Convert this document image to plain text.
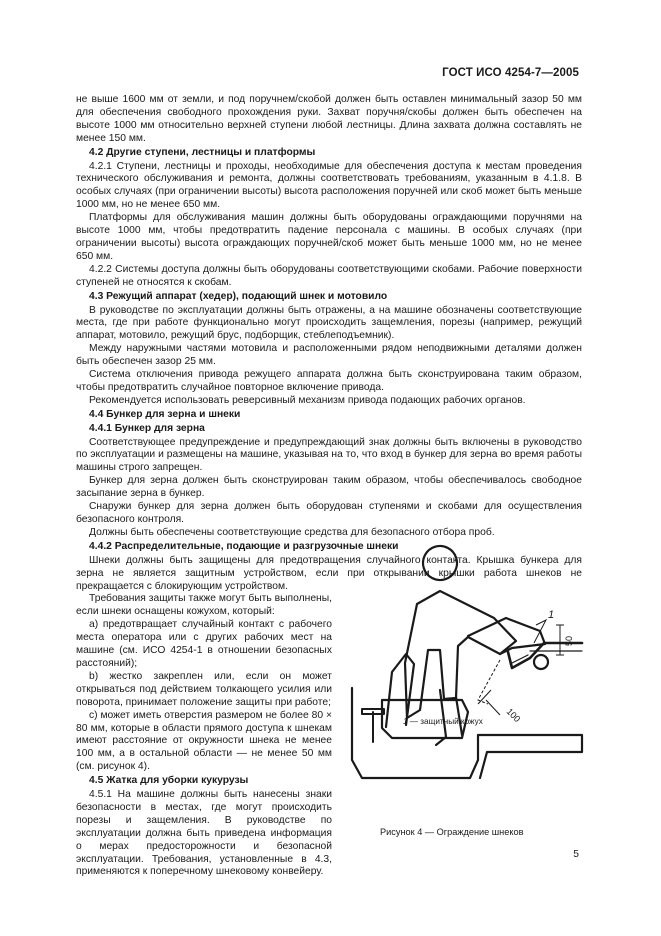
ГОСТ ИСО 4254-7—2005

не выше 1600 мм от земли, и под поручнем/скобой должен быть оставлен минимальный зазор 50 мм для обеспечения свободного прохождения руки. Захват поручня/скобы должен быть обеспечен на высоте 1000 мм относительно верхней ступени любой лестницы. Длина захвата должна составлять не менее 150 мм.

4.2 Другие ступени, лестницы и платформы

4.2.1 Ступени, лестницы и проходы, необходимые для обеспечения доступа к местам проведения технического обслуживания и ремонта, должны соответствовать требованиям, указанным в 4.1.8. В особых случаях (при ограничении высоты) высота расположения поручней или скоб может быть меньше 1000 мм, но не менее 650 мм.

Платформы для обслуживания машин должны быть оборудованы ограждающими поручнями на высоте 1000 мм, чтобы предотвратить падение персонала с машины. В особых случаях (при ограничении высоты) высота ограждающих поручней/скоб может быть меньше 1000 мм, но не менее 650 мм.

4.2.2 Системы доступа должны быть оборудованы соответствующими скобами. Рабочие поверхности ступеней не относятся к скобам.

4.3 Режущий аппарат (хедер), подающий шнек и мотовило

В руководстве по эксплуатации должны быть отражены, а на машине обозначены соответствующие места, где при работе функционально могут происходить защемления, порезы (например, режущий аппарат, мотовило, режущий брус, подборщик, стеблеподъемник).

Между наружными частями мотовила и расположенными рядом неподвижными деталями должен быть обеспечен зазор 25 мм.

Система отключения привода режущего аппарата должна быть сконструирована таким образом, чтобы предотвратить случайное повторное включение привода.

Рекомендуется использовать реверсивный механизм привода подающих рабочих органов.

4.4 Бункер для зерна и шнеки

4.4.1 Бункер для зерна

Соответствующее предупреждение и предупреждающий знак должны быть включены в руководство по эксплуатации и размещены на машине, указывая на то, что вход в бункер для зерна во время работы машины строго запрещен.

Бункер для зерна должен быть сконструирован таким образом, чтобы обеспечивалось свободное засыпание зерна в бункер.

Снаружи бункер для зерна должен быть оборудован ступенями и скобами для осуществления безопасного контроля.

Должны быть обеспечены соответствующие средства для безопасного отбора проб.

4.4.2 Распределительные, подающие и разгрузочные шнеки

Шнеки должны быть защищены для предотвращения случайного контакта. Крышка бункера для зерна не является защитным устройством, если при открывании крышки работа шнеков не прекращается с блокирующим устройством.

Требования защиты также могут быть выполнены, если шнеки оснащены кожухом, который:

а) предотвращает случайный контакт с рабочего места оператора или с других рабочих мест на машине (см. ИСО 4254-1 в отношении безопасных расстояний);

b) жестко закреплен или, если он может открываться под действием толкающего усилия или поворота, принимает положение защиты при работе;

c) может иметь отверстия размером не более 80 × 80 мм, которые в области прямого доступа к шнекам имеют расстояние от окружности шнека не менее 100 мм, а в остальной области — не менее 50 мм (см. рисунок 4).

4.5 Жатка для уборки кукурузы

4.5.1 На машине должны быть нанесены знаки безопасности в местах, где могут происходить порезы и защемления. В руководстве по эксплуатации должна быть приведена информация о мерах предосторожности и безопасной эксплуатации. Требования, установленные в 4.3, применяются к поперечному шнековому конвейеру.

1
50
100
1 — защитный кожух
Рисунок 4 — Ограждение шнеков
5
